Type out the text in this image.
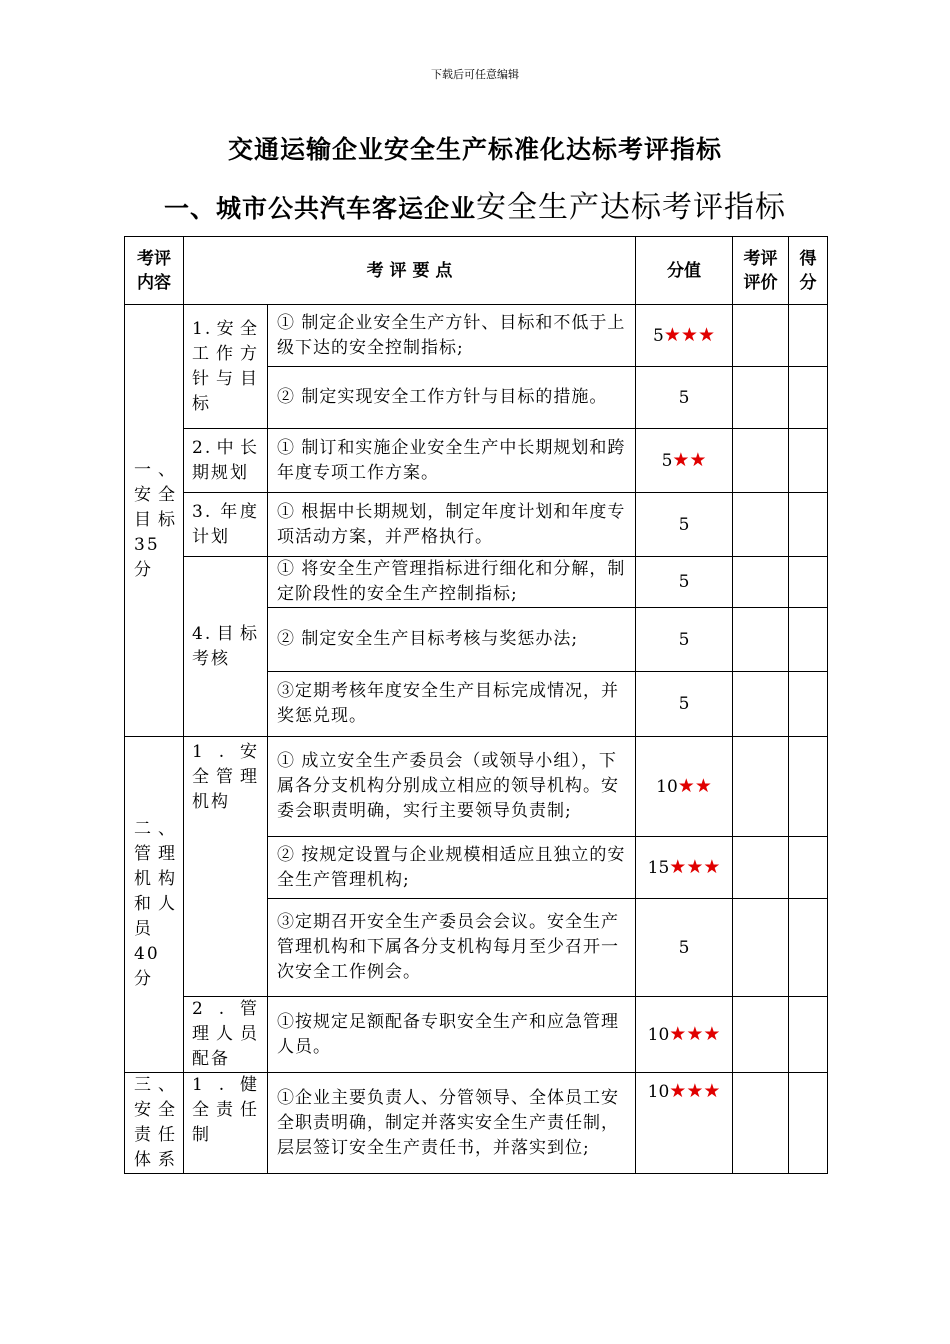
下载后可任意编辑
交通运输企业安全生产标准化达标考评指标
一、城市公共汽车客运企业安全生产达标考评指标
考评内容	考 评 要 点		分值	考评评价	得分
一、安全目标35分	1.安全工作方针与目标	① 制定企业安全生产方针、目标和不低于上级下达的安全控制指标;	5★★★		
		② 制定实现安全工作方针与目标的措施。	5		
	2.中长期规划	① 制订和实施企业安全生产中长期规划和跨年度专项工作方案。	5★★		
	3. 年度计划	① 根据中长期规划，制定年度计划和年度专项活动方案，并严格执行。	5		
	4.目标考核	① 将安全生产管理指标进行细化和分解，制定阶段性的安全生产控制指标;	5		
		② 制定安全生产目标考核与奖惩办法;	5		
		③定期考核年度安全生产目标完成情况，并奖惩兑现。	5		
二、管理机构和人员40分	1 . 安全管理机构	① 成立安全生产委员会（或领导小组），下属各分支机构分别成立相应的领导机构。安委会职责明确，实行主要领导负责制;	10★★		
		② 按规定设置与企业规模相适应且独立的安全生产管理机构;	15★★★		
		③定期召开安全生产委员会会议。安全生产管理机构和下属各分支机构每月至少召开一次安全工作例会。	5		
	2 . 管理人员配备	①按规定足额配备专职安全生产和应急管理人员。	10★★★		
三、安全责任体系	1 . 健全责任制	①企业主要负责人、分管领导、全体员工安全职责明确，制定并落实安全生产责任制，层层签订安全生产责任书，并落实到位;	10★★★		
